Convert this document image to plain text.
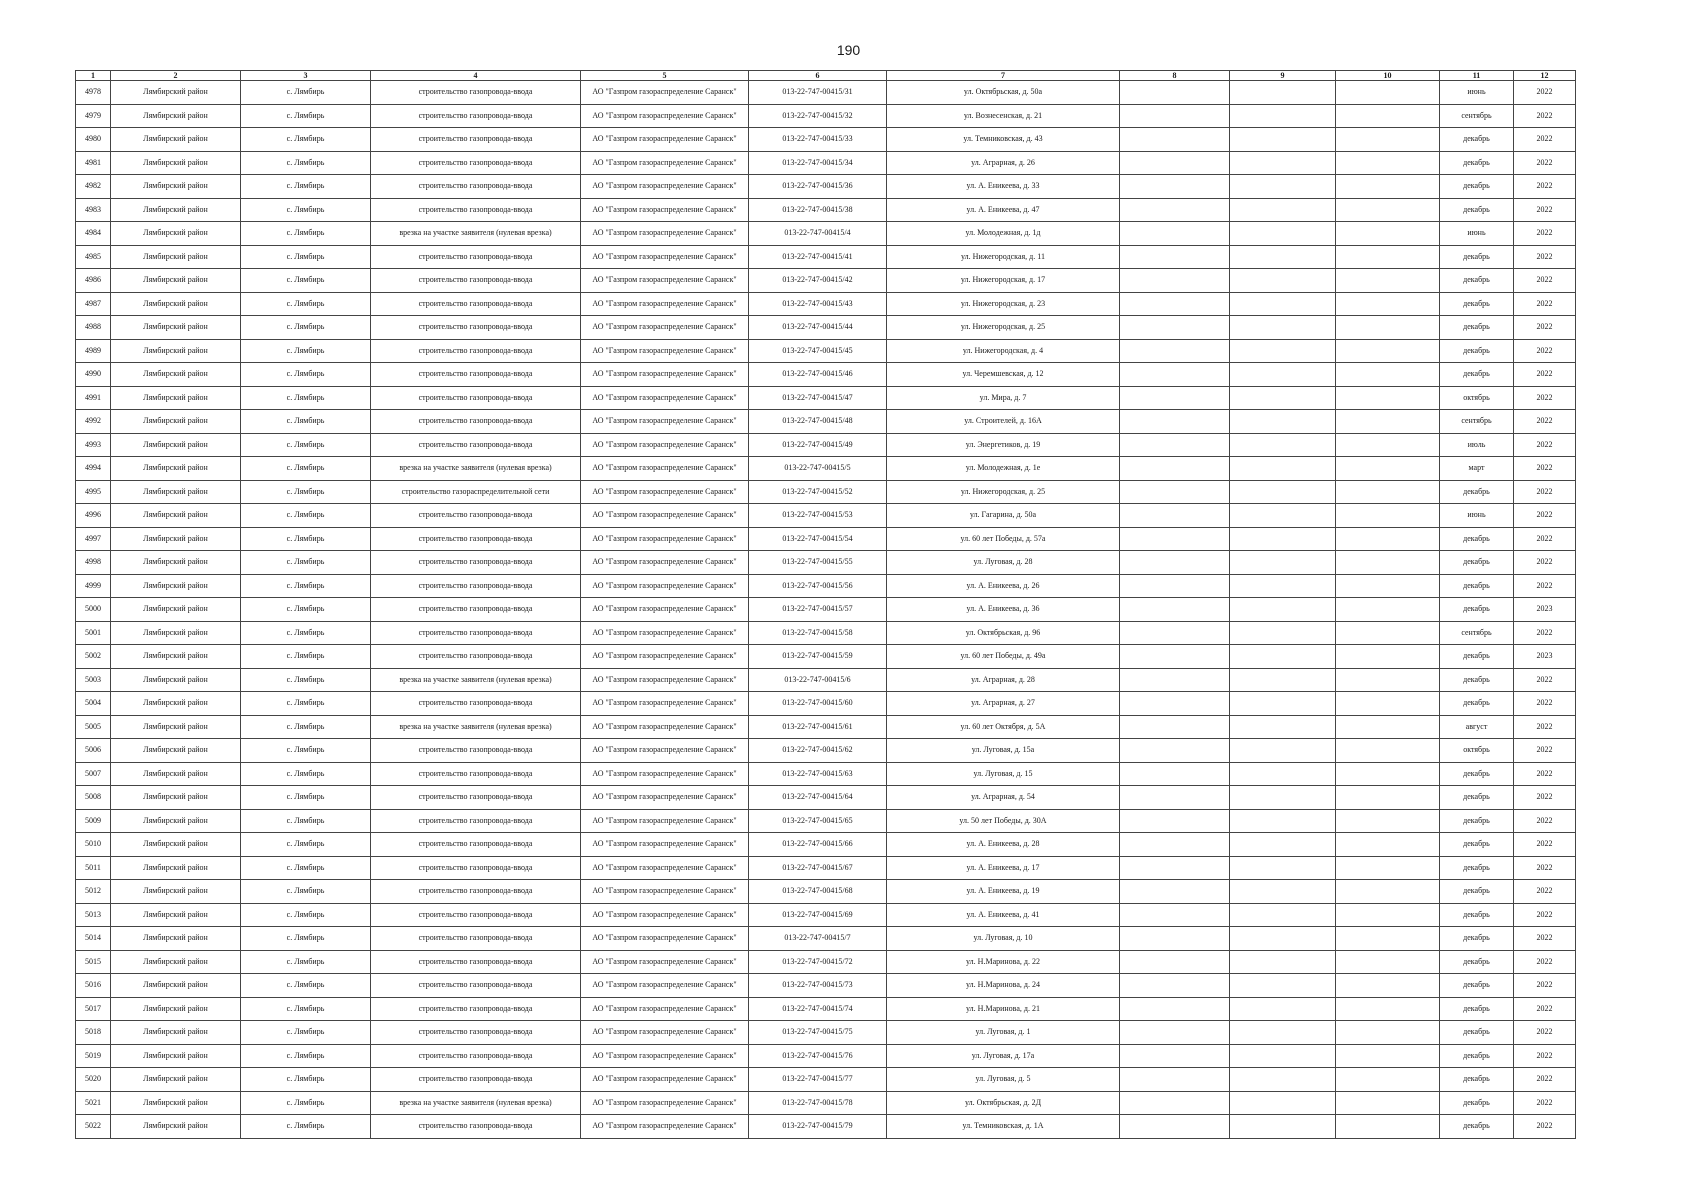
190
1	2	3	4	5	6	7	8	9	10	11	12
4978	Лямбирский район	с. Лямбирь	строительство газопровода-ввода	АО "Газпром газораспределение Саранск"	013-22-747-00415/31	ул. Октябрьская, д. 50а				июнь	2022
4979	Лямбирский район	с. Лямбирь	строительство газопровода-ввода	АО "Газпром газораспределение Саранск"	013-22-747-00415/32	ул. Вознесенская, д. 21				сентябрь	2022
4980	Лямбирский район	с. Лямбирь	строительство газопровода-ввода	АО "Газпром газораспределение Саранск"	013-22-747-00415/33	ул. Темниковская, д. 43				декабрь	2022
4981	Лямбирский район	с. Лямбирь	строительство газопровода-ввода	АО "Газпром газораспределение Саранск"	013-22-747-00415/34	ул. Аграрная, д. 26				декабрь	2022
4982	Лямбирский район	с. Лямбирь	строительство газопровода-ввода	АО "Газпром газораспределение Саранск"	013-22-747-00415/36	ул. А. Еникеева, д. 33				декабрь	2022
4983	Лямбирский район	с. Лямбирь	строительство газопровода-ввода	АО "Газпром газораспределение Саранск"	013-22-747-00415/38	ул. А. Еникеева, д. 47				декабрь	2022
4984	Лямбирский район	с. Лямбирь	врезка на участке заявителя (нулевая врезка)	АО "Газпром газораспределение Саранск"	013-22-747-00415/4	ул. Молодежная, д. 1д				июнь	2022
4985	Лямбирский район	с. Лямбирь	строительство газопровода-ввода	АО "Газпром газораспределение Саранск"	013-22-747-00415/41	ул. Нижегородская, д. 11				декабрь	2022
4986	Лямбирский район	с. Лямбирь	строительство газопровода-ввода	АО "Газпром газораспределение Саранск"	013-22-747-00415/42	ул. Нижегородская, д. 17				декабрь	2022
4987	Лямбирский район	с. Лямбирь	строительство газопровода-ввода	АО "Газпром газораспределение Саранск"	013-22-747-00415/43	ул. Нижегородская, д. 23				декабрь	2022
4988	Лямбирский район	с. Лямбирь	строительство газопровода-ввода	АО "Газпром газораспределение Саранск"	013-22-747-00415/44	ул. Нижегородская, д. 25				декабрь	2022
4989	Лямбирский район	с. Лямбирь	строительство газопровода-ввода	АО "Газпром газораспределение Саранск"	013-22-747-00415/45	ул. Нижегородская, д. 4				декабрь	2022
4990	Лямбирский район	с. Лямбирь	строительство газопровода-ввода	АО "Газпром газораспределение Саранск"	013-22-747-00415/46	ул. Черемшевская, д. 12				декабрь	2022
4991	Лямбирский район	с. Лямбирь	строительство газопровода-ввода	АО "Газпром газораспределение Саранск"	013-22-747-00415/47	ул. Мира, д. 7				октябрь	2022
4992	Лямбирский район	с. Лямбирь	строительство газопровода-ввода	АО "Газпром газораспределение Саранск"	013-22-747-00415/48	ул. Строителей, д. 16А				сентябрь	2022
4993	Лямбирский район	с. Лямбирь	строительство газопровода-ввода	АО "Газпром газораспределение Саранск"	013-22-747-00415/49	ул. Энергетиков, д. 19				июль	2022
4994	Лямбирский район	с. Лямбирь	врезка на участке заявителя (нулевая врезка)	АО "Газпром газораспределение Саранск"	013-22-747-00415/5	ул. Молодежная, д. 1е				март	2022
4995	Лямбирский район	с. Лямбирь	строительство газораспределительной сети	АО "Газпром газораспределение Саранск"	013-22-747-00415/52	ул. Нижегородская, д. 25				декабрь	2022
4996	Лямбирский район	с. Лямбирь	строительство газопровода-ввода	АО "Газпром газораспределение Саранск"	013-22-747-00415/53	ул. Гагарина, д. 50а				июнь	2022
4997	Лямбирский район	с. Лямбирь	строительство газопровода-ввода	АО "Газпром газораспределение Саранск"	013-22-747-00415/54	ул. 60 лет Победы, д. 57а				декабрь	2022
4998	Лямбирский район	с. Лямбирь	строительство газопровода-ввода	АО "Газпром газораспределение Саранск"	013-22-747-00415/55	ул. Луговая, д. 28				декабрь	2022
4999	Лямбирский район	с. Лямбирь	строительство газопровода-ввода	АО "Газпром газораспределение Саранск"	013-22-747-00415/56	ул. А. Еникеева, д. 26				декабрь	2022
5000	Лямбирский район	с. Лямбирь	строительство газопровода-ввода	АО "Газпром газораспределение Саранск"	013-22-747-00415/57	ул. А. Еникеева, д. 36				декабрь	2023
5001	Лямбирский район	с. Лямбирь	строительство газопровода-ввода	АО "Газпром газораспределение Саранск"	013-22-747-00415/58	ул. Октябрьская, д. 96				сентябрь	2022
5002	Лямбирский район	с. Лямбирь	строительство газопровода-ввода	АО "Газпром газораспределение Саранск"	013-22-747-00415/59	ул. 60 лет Победы, д. 49а				декабрь	2023
5003	Лямбирский район	с. Лямбирь	врезка на участке заявителя (нулевая врезка)	АО "Газпром газораспределение Саранск"	013-22-747-00415/6	ул. Аграрная, д. 28				декабрь	2022
5004	Лямбирский район	с. Лямбирь	строительство газопровода-ввода	АО "Газпром газораспределение Саранск"	013-22-747-00415/60	ул. Аграрная, д. 27				декабрь	2022
5005	Лямбирский район	с. Лямбирь	врезка на участке заявителя (нулевая врезка)	АО "Газпром газораспределение Саранск"	013-22-747-00415/61	ул. 60 лет Октября, д. 5А				август	2022
5006	Лямбирский район	с. Лямбирь	строительство газопровода-ввода	АО "Газпром газораспределение Саранск"	013-22-747-00415/62	ул. Луговая, д. 15а				октябрь	2022
5007	Лямбирский район	с. Лямбирь	строительство газопровода-ввода	АО "Газпром газораспределение Саранск"	013-22-747-00415/63	ул. Луговая, д. 15				декабрь	2022
5008	Лямбирский район	с. Лямбирь	строительство газопровода-ввода	АО "Газпром газораспределение Саранск"	013-22-747-00415/64	ул. Аграрная, д. 54				декабрь	2022
5009	Лямбирский район	с. Лямбирь	строительство газопровода-ввода	АО "Газпром газораспределение Саранск"	013-22-747-00415/65	ул. 50 лет Победы, д. 30А				декабрь	2022
5010	Лямбирский район	с. Лямбирь	строительство газопровода-ввода	АО "Газпром газораспределение Саранск"	013-22-747-00415/66	ул. А. Еникеева, д. 28				декабрь	2022
5011	Лямбирский район	с. Лямбирь	строительство газопровода-ввода	АО "Газпром газораспределение Саранск"	013-22-747-00415/67	ул. А. Еникеева, д. 17				декабрь	2022
5012	Лямбирский район	с. Лямбирь	строительство газопровода-ввода	АО "Газпром газораспределение Саранск"	013-22-747-00415/68	ул. А. Еникеева, д. 19				декабрь	2022
5013	Лямбирский район	с. Лямбирь	строительство газопровода-ввода	АО "Газпром газораспределение Саранск"	013-22-747-00415/69	ул. А. Еникеева, д. 41				декабрь	2022
5014	Лямбирский район	с. Лямбирь	строительство газопровода-ввода	АО "Газпром газораспределение Саранск"	013-22-747-00415/7	ул. Луговая, д. 10				декабрь	2022
5015	Лямбирский район	с. Лямбирь	строительство газопровода-ввода	АО "Газпром газораспределение Саранск"	013-22-747-00415/72	ул. Н.Маринова, д. 22				декабрь	2022
5016	Лямбирский район	с. Лямбирь	строительство газопровода-ввода	АО "Газпром газораспределение Саранск"	013-22-747-00415/73	ул. Н.Маринова, д. 24				декабрь	2022
5017	Лямбирский район	с. Лямбирь	строительство газопровода-ввода	АО "Газпром газораспределение Саранск"	013-22-747-00415/74	ул. Н.Маринова, д. 21				декабрь	2022
5018	Лямбирский район	с. Лямбирь	строительство газопровода-ввода	АО "Газпром газораспределение Саранск"	013-22-747-00415/75	ул. Луговая, д. 1				декабрь	2022
5019	Лямбирский район	с. Лямбирь	строительство газопровода-ввода	АО "Газпром газораспределение Саранск"	013-22-747-00415/76	ул. Луговая, д. 17а				декабрь	2022
5020	Лямбирский район	с. Лямбирь	строительство газопровода-ввода	АО "Газпром газораспределение Саранск"	013-22-747-00415/77	ул. Луговая, д. 5				декабрь	2022
5021	Лямбирский район	с. Лямбирь	врезка на участке заявителя (нулевая врезка)	АО "Газпром газораспределение Саранск"	013-22-747-00415/78	ул. Октябрьская, д. 2Д				декабрь	2022
5022	Лямбирский район	с. Лямбирь	строительство газопровода-ввода	АО "Газпром газораспределение Саранск"	013-22-747-00415/79	ул. Темниковская, д. 1А				декабрь	2022
